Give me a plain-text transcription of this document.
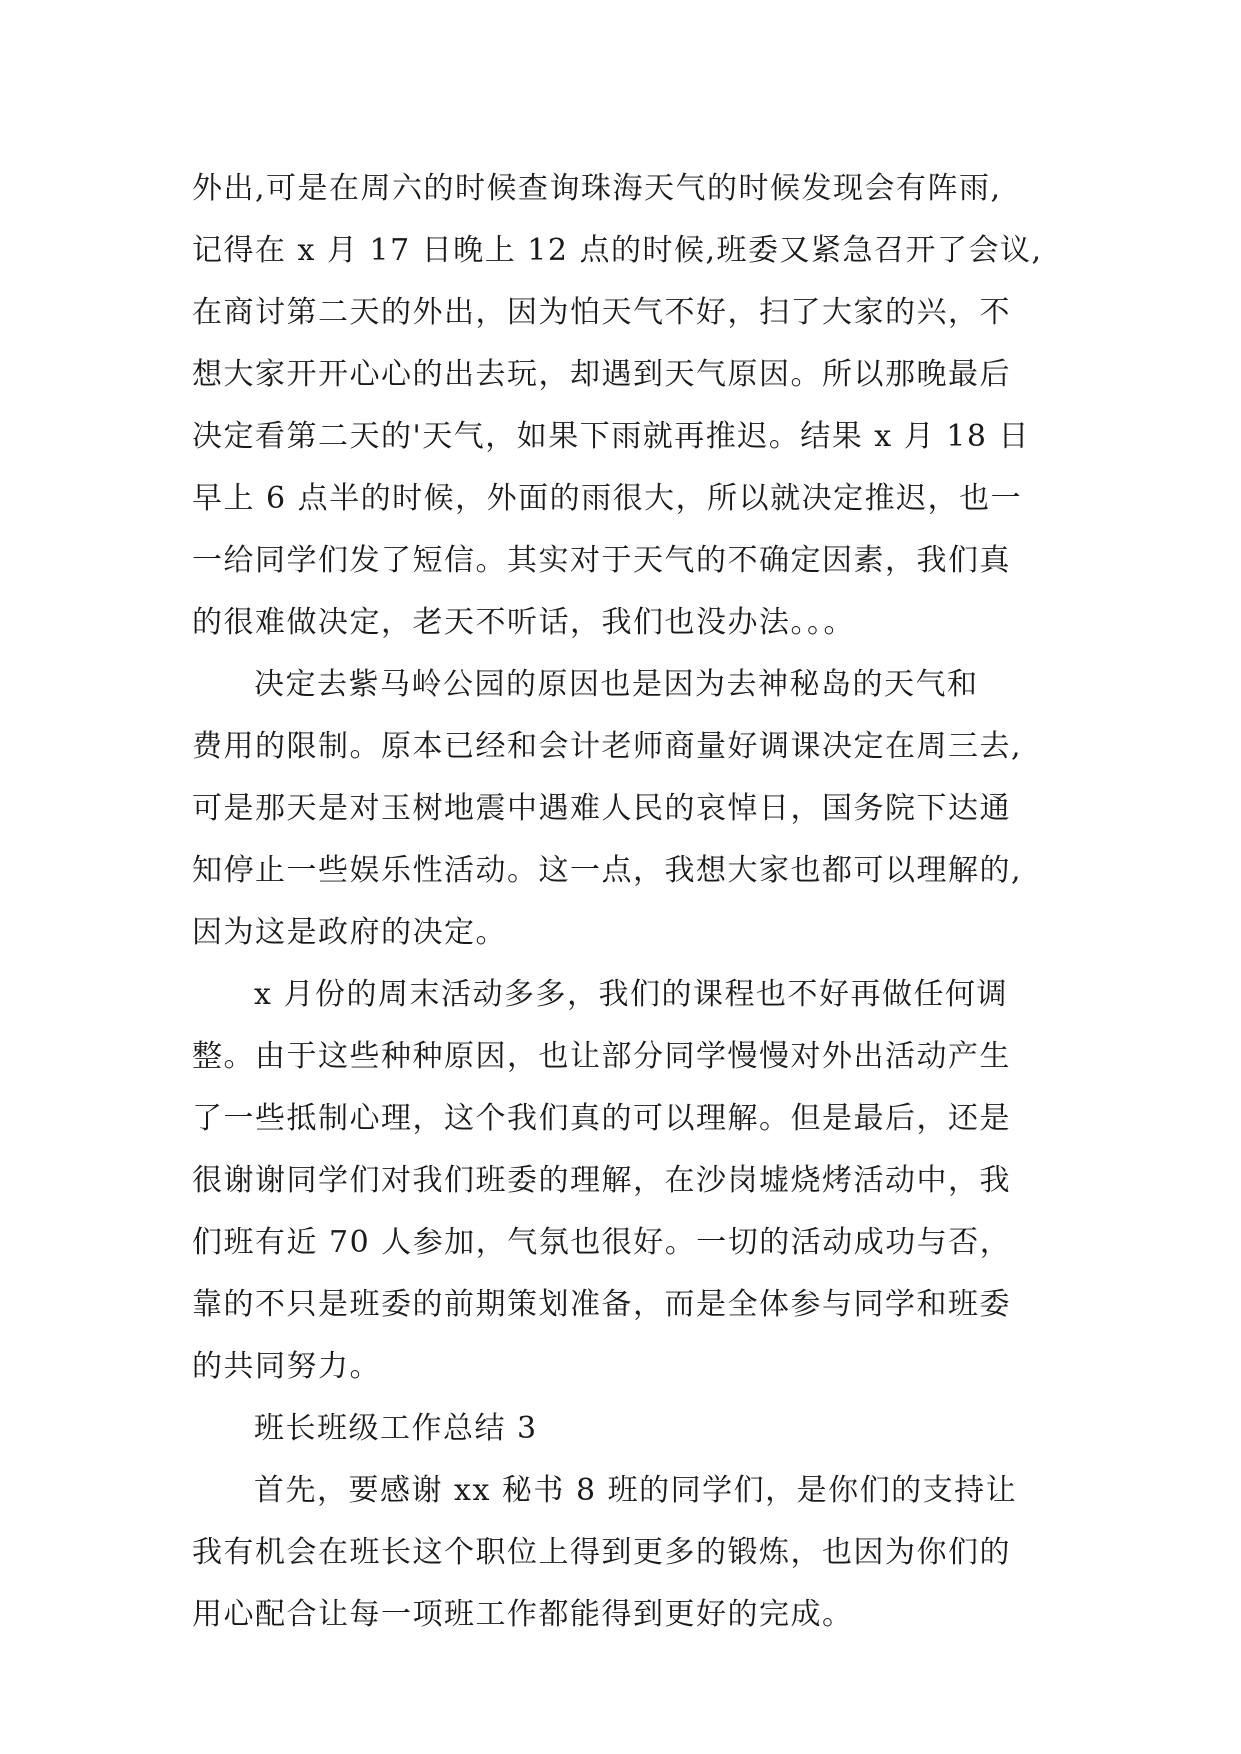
外出,可是在周六的时候查询珠海天气的时候发现会有阵雨,
记得在 x 月 17 日晚上 12 点的时候,班委又紧急召开了会议,
在商讨第二天的外出，因为怕天气不好，扫了大家的兴，不
想大家开开心心的出去玩，却遇到天气原因。所以那晚最后
决定看第二天的'天气，如果下雨就再推迟。结果 x 月 18 日
早上 6 点半的时候，外面的雨很大，所以就决定推迟，也一
一给同学们发了短信。其实对于天气的不确定因素，我们真
的很难做决定，老天不听话，我们也没办法。。。
决定去紫马岭公园的原因也是因为去神秘岛的天气和
费用的限制。原本已经和会计老师商量好调课决定在周三去,
可是那天是对玉树地震中遇难人民的哀悼日，国务院下达通
知停止一些娱乐性活动。这一点，我想大家也都可以理解的,
因为这是政府的决定。
x 月份的周末活动多多，我们的课程也不好再做任何调
整。由于这些种种原因，也让部分同学慢慢对外出活动产生
了一些抵制心理，这个我们真的可以理解。但是最后，还是
很谢谢同学们对我们班委的理解，在沙岗墟烧烤活动中，我
们班有近 70 人参加，气氛也很好。一切的活动成功与否，
靠的不只是班委的前期策划准备，而是全体参与同学和班委
的共同努力。
班长班级工作总结 3
首先，要感谢 xx 秘书 8 班的同学们，是你们的支持让
我有机会在班长这个职位上得到更多的锻炼，也因为你们的
用心配合让每一项班工作都能得到更好的完成。
